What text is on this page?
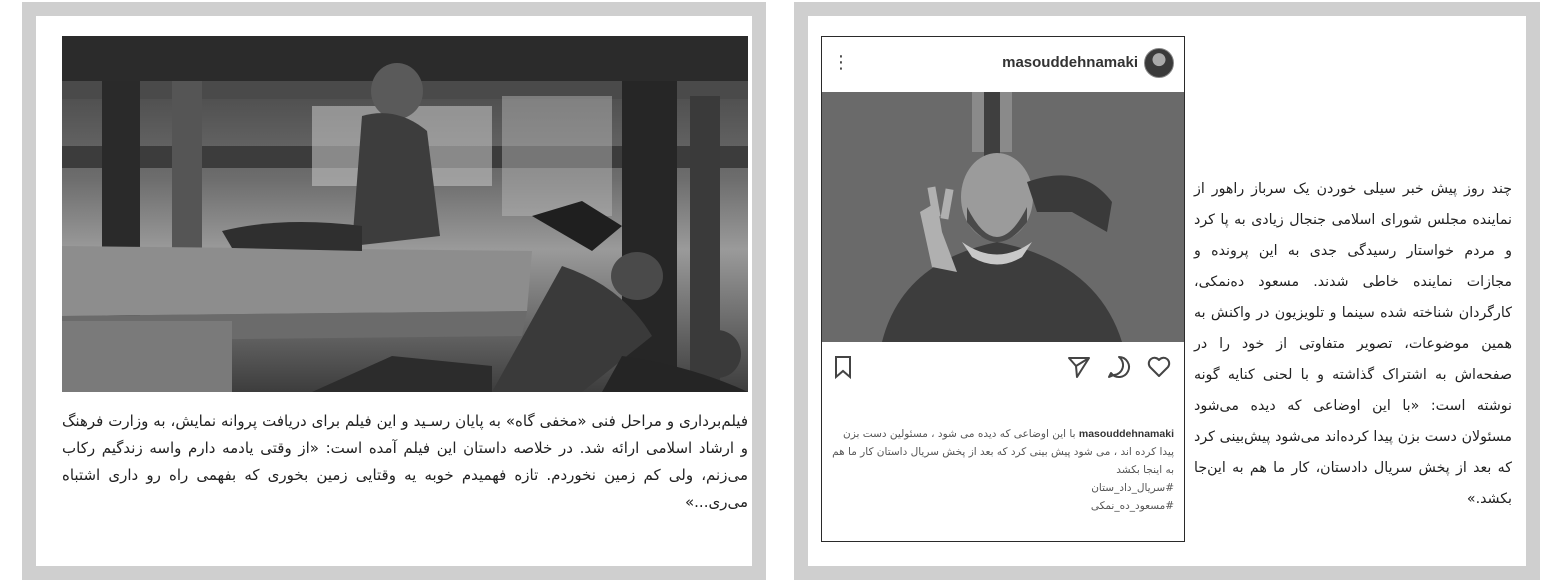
فیلم‌برداری و مراحل فنی «مخفی گاه» به پایان رسـید و این فیلم برای دریافت پروانه نمایش، به وزارت فرهنگ و ارشاد اسلامی ارائه شد. در خلاصه داستان این فیلم آمده است: «از وقتی یادمه دارم واسه زندگیم رکاب می‌زنم، ولی کم زمین نخوردم. تازه فهمیدم خوبه یه وقتایی زمین بخوری که بفهمی راه رو داری اشتباه می‌ری...»

⋮	masouddehnamaki
masouddehnamaki با این اوضاعی که دیده می شود ، مسئولین دست بزن پیدا کرده اند ، می شود پیش بینی کرد که بعد از پخش سریال داستان کار ما هم به اینجا بکشد
#سریال_داد_ستان
#مسعود_ده_نمکی

چند روز پیش خبر سیلی خوردن یک سرباز راهور از نماینده مجلس شورای اسلامی جنجال زیادی به پا کرد و مردم خواستار رسیدگی جدی به این پرونده و مجازات نماینده خاطی شدند. مسعود ده‌نمکی، کارگردان شناخته شده سینما و تلویزیون در واکنش به همین موضوعات، تصویر متفاوتی از خود را در صفحه‌اش به اشتراک گذاشته و با لحنی کنایه گونه نوشته است: «با این اوضاعی که دیده می‌شود مسئولان دست بزن پیدا کرده‌اند می‌شود پیش‌بینی کرد که بعد از پخش سریال دادستان، کار ما هم به این‌جا بکشد.»
